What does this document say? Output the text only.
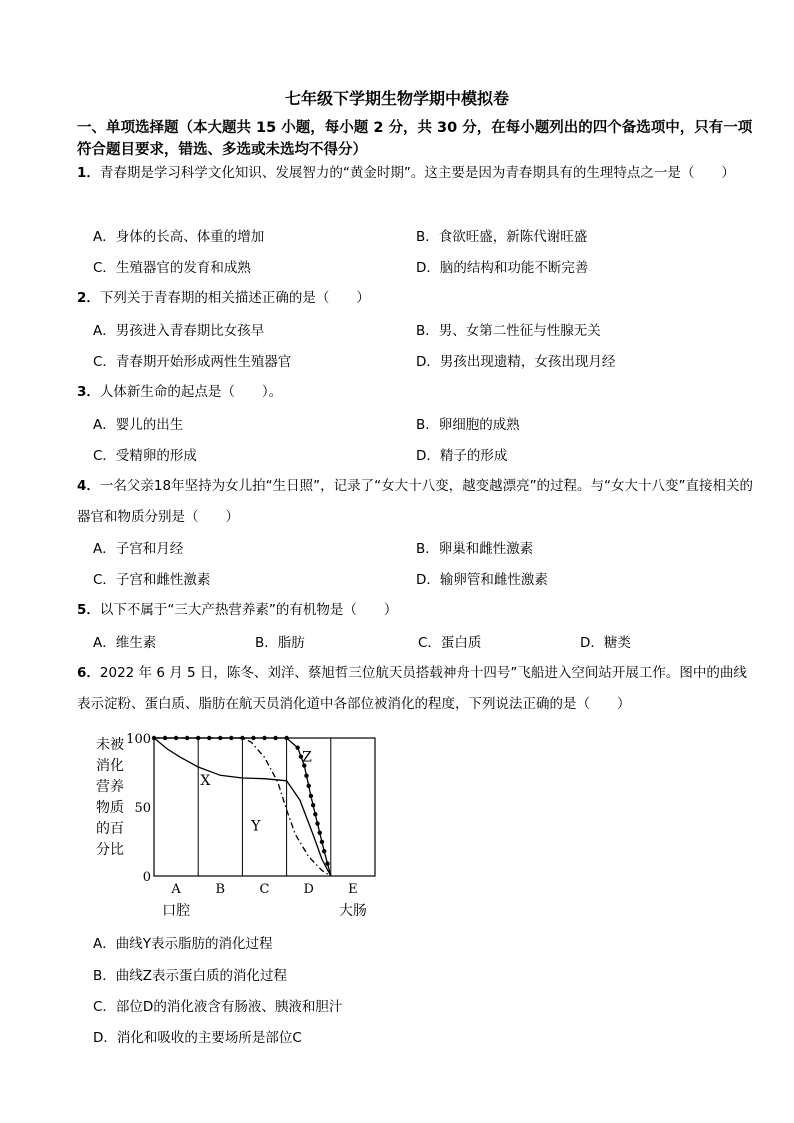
七年级下学期生物学期中模拟卷
一、单项选择题（本大题共 15 小题，每小题 2 分，共 30 分，在每小题列出的四个备选项中，只有一项符合题目要求，错选、多选或未选均不得分）
1．青春期是学习科学文化知识、发展智力的“黄金时期”。这主要是因为青春期具有的生理特点之一是（　　）
A．身体的长高、体重的增加	B．食欲旺盛，新陈代谢旺盛
C．生殖器官的发育和成熟	D．脑的结构和功能不断完善
2．下列关于青春期的相关描述正确的是（　　）
A．男孩进入青春期比女孩早	B．男、女第二性征与性腺无关
C．青春期开始形成两性生殖器官	D．男孩出现遗精，女孩出现月经
3．人体新生命的起点是（　　）。
A．婴儿的出生	B．卵细胞的成熟
C．受精卵的形成	D．精子的形成
4．一名父亲18年坚持为女儿拍“生日照”，记录了“女大十八变，越变越漂亮”的过程。与“女大十八变”直接相关的器官和物质分别是（　　）
A．子宫和月经	B．卵巢和雌性激素
C．子宫和雌性激素	D．输卵管和雌性激素
5．以下不属于“三大产热营养素”的有机物是（　　）
A．维生素	B．脂肪	C．蛋白质	D．糖类
6．2022 年 6 月 5 日，陈冬、刘洋、蔡旭哲三位航天员搭载神舟十四号”飞船进入空间站开展工作。图中的曲线表示淀粉、蛋白质、脂肪在航天员消化道中各部位被消化的程度，下列说法正确的是（　　）
未被
消化
营养
物质
的百
分比
100
50
0
X
Y
Z
A
口腔
B	C	D	E
大肠
A．曲线Y表示脂肪的消化过程
B．曲线Z表示蛋白质的消化过程
C．部位D的消化液含有肠液、胰液和胆汁
D．消化和吸收的主要场所是部位C
